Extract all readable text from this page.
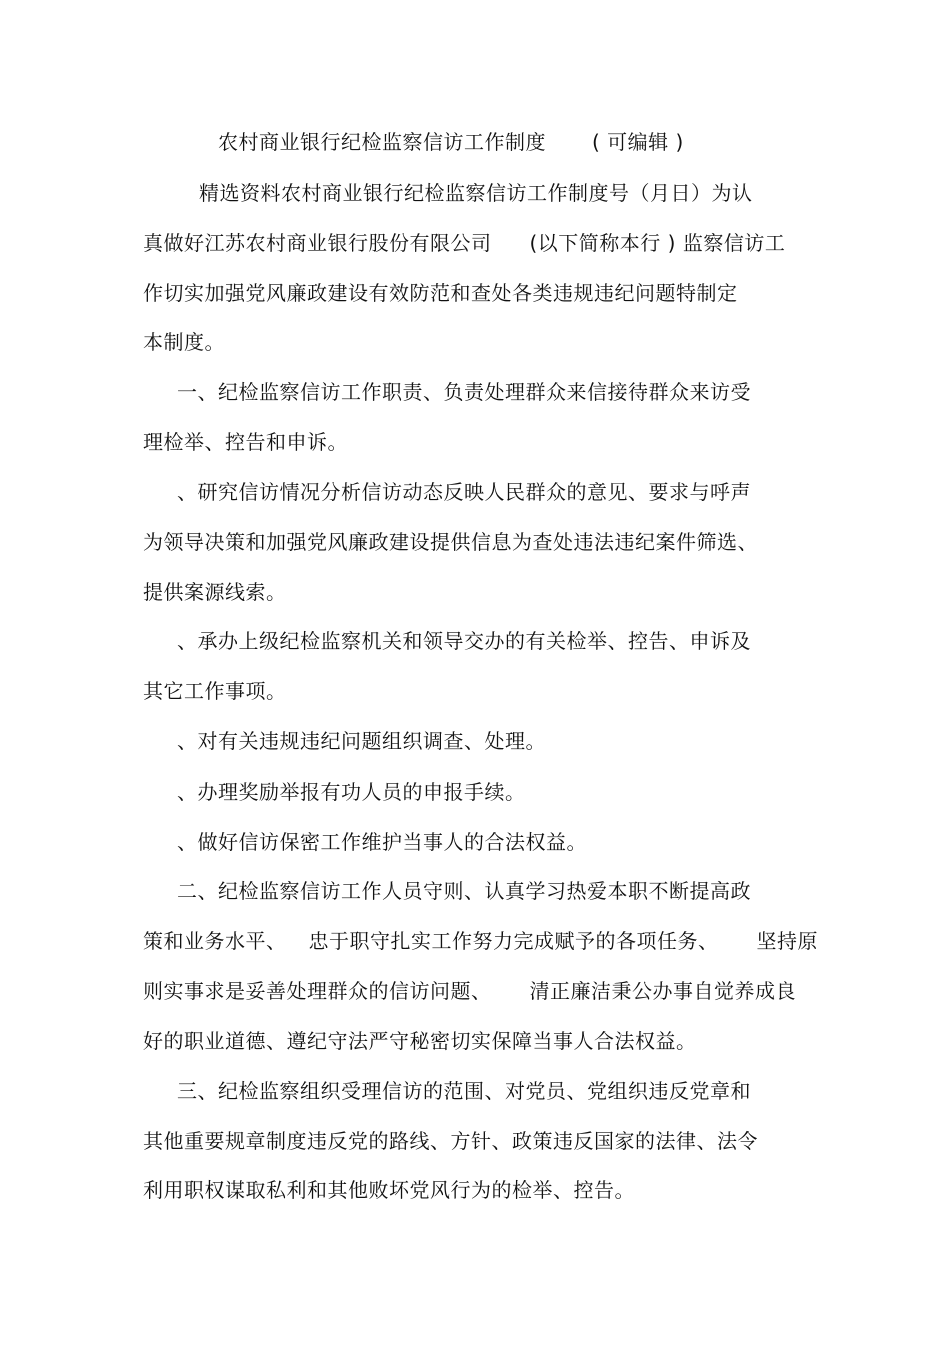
农村商业银行纪检监察信访工作制度 ( 可编辑 )
精选资料农村商业银行纪检监察信访工作制度号（月日）为认
真做好江苏农村商业银行股份有限公司 (以下简称本行 ) 监察信访工
作切实加强党风廉政建设有效防范和查处各类违规违纪问题特制定
本制度。
一、纪检监察信访工作职责、负责处理群众来信接待群众来访受
理检举、控告和申诉。
、研究信访情况分析信访动态反映人民群众的意见、要求与呼声
为领导决策和加强党风廉政建设提供信息为查处违法违纪案件筛选、
提供案源线索。
、承办上级纪检监察机关和领导交办的有关检举、控告、申诉及
其它工作事项。
、对有关违规违纪问题组织调查、处理。
、办理奖励举报有功人员的申报手续。
、做好信访保密工作维护当事人的合法权益。
二、纪检监察信访工作人员守则、认真学习热爱本职不断提高政
策和业务水平、 忠于职守扎实工作努力完成赋予的各项任务、 坚持原
则实事求是妥善处理群众的信访问题、 清正廉洁秉公办事自觉养成良
好的职业道德、遵纪守法严守秘密切实保障当事人合法权益。
三、纪检监察组织受理信访的范围、对党员、党组织违反党章和
其他重要规章制度违反党的路线、方针、政策违反国家的法律、法令
利用职权谋取私利和其他败坏党风行为的检举、控告。
